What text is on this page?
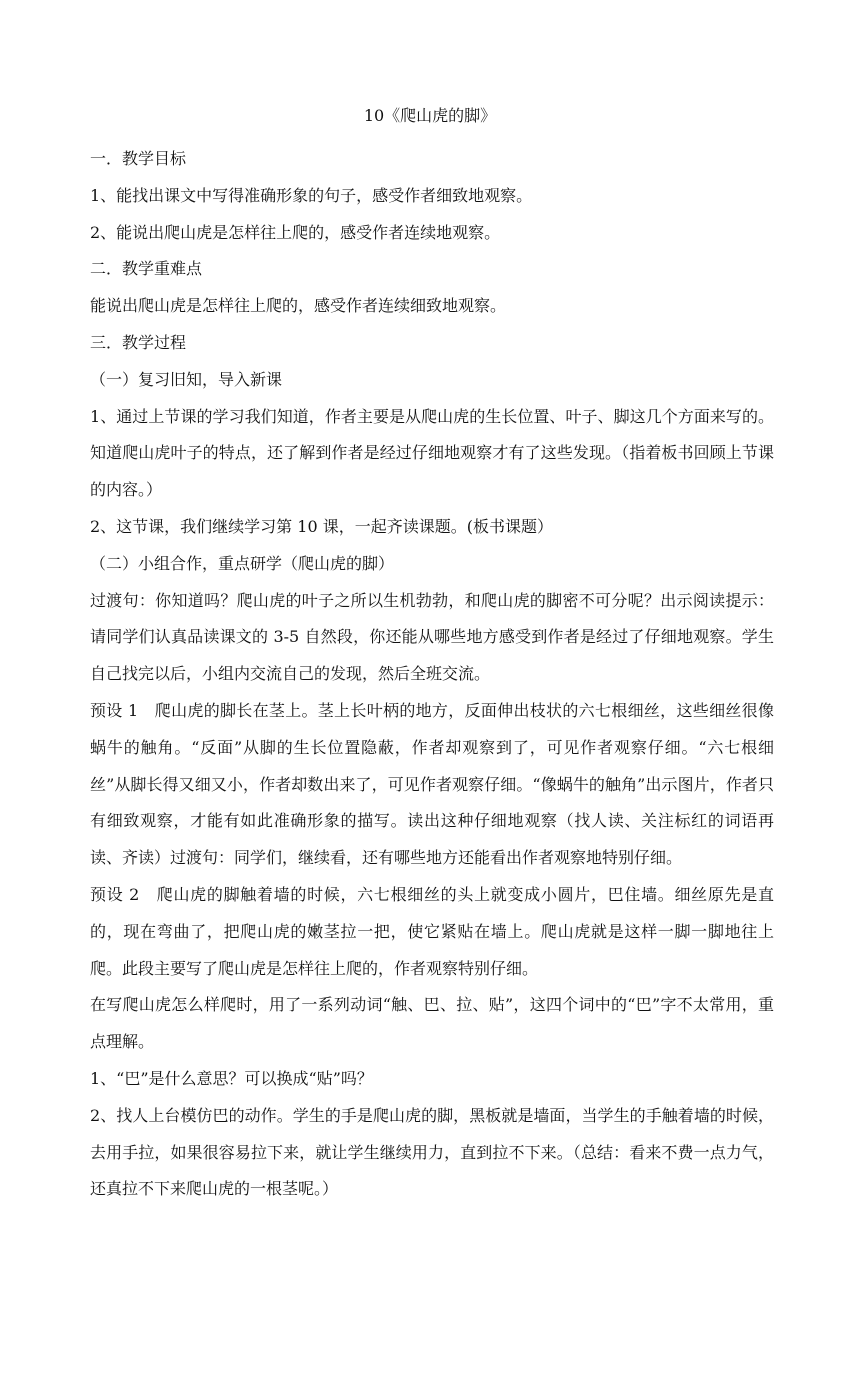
10《爬山虎的脚》

一．教学目标

1、能找出课文中写得准确形象的句子，感受作者细致地观察。

2、能说出爬山虎是怎样往上爬的，感受作者连续地观察。

二．教学重难点

能说出爬山虎是怎样往上爬的，感受作者连续细致地观察。

三．教学过程

（一）复习旧知，导入新课

1、通过上节课的学习我们知道，作者主要是从爬山虎的生长位置、叶子、脚这几个方面来写的。知道爬山虎叶子的特点，还了解到作者是经过仔细地观察才有了这些发现。（指着板书回顾上节课的内容。）

2、这节课，我们继续学习第 10 课，一起齐读课题。(板书课题）

（二）小组合作，重点研学（爬山虎的脚）

过渡句：你知道吗？爬山虎的叶子之所以生机勃勃，和爬山虎的脚密不可分呢？出示阅读提示：请同学们认真品读课文的 3-5 自然段，你还能从哪些地方感受到作者是经过了仔细地观察。学生自己找完以后，小组内交流自己的发现，然后全班交流。

预设 1　爬山虎的脚长在茎上。茎上长叶柄的地方，反面伸出枝状的六七根细丝，这些细丝很像蜗牛的触角。“反面”从脚的生长位置隐蔽，作者却观察到了，可见作者观察仔细。“六七根细丝”从脚长得又细又小，作者却数出来了，可见作者观察仔细。“像蜗牛的触角”出示图片，作者只有细致观察，才能有如此准确形象的描写。读出这种仔细地观察（找人读、关注标红的词语再读、齐读）过渡句：同学们，继续看，还有哪些地方还能看出作者观察地特别仔细。

预设 2　爬山虎的脚触着墙的时候，六七根细丝的头上就变成小圆片，巴住墙。细丝原先是直的，现在弯曲了，把爬山虎的嫩茎拉一把，使它紧贴在墙上。爬山虎就是这样一脚一脚地往上爬。此段主要写了爬山虎是怎样往上爬的，作者观察特别仔细。

在写爬山虎怎么样爬时，用了一系列动词“触、巴、拉、贴”，这四个词中的“巴”字不太常用，重点理解。

1、“巴”是什么意思？可以换成“贴”吗？

2、找人上台模仿巴的动作。学生的手是爬山虎的脚，黑板就是墙面，当学生的手触着墙的时候，去用手拉，如果很容易拉下来，就让学生继续用力，直到拉不下来。（总结：看来不费一点力气，还真拉不下来爬山虎的一根茎呢。）
